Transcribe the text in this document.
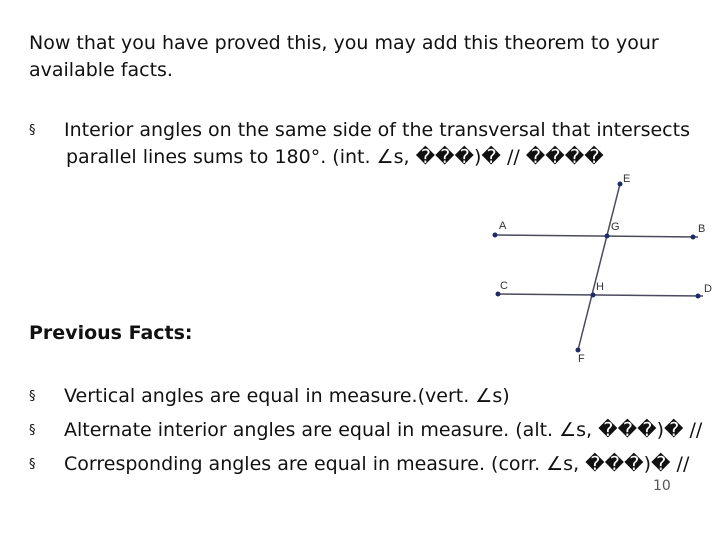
Now that you have proved this, you may add this theorem to your available facts.

§ Interior angles on the same side of the transversal that intersects
parallel lines sums to 180°. (int. ∠s, ���)� // ����
A	B
C	D
E
F
G
H
Previous Facts:
§ Vertical angles are equal in measure.(vert. ∠s)
§ Alternate interior angles are equal in measure. (alt. ∠s, ���)� //
§ Corresponding angles are equal in measure. (corr. ∠s, ���)� //
10
